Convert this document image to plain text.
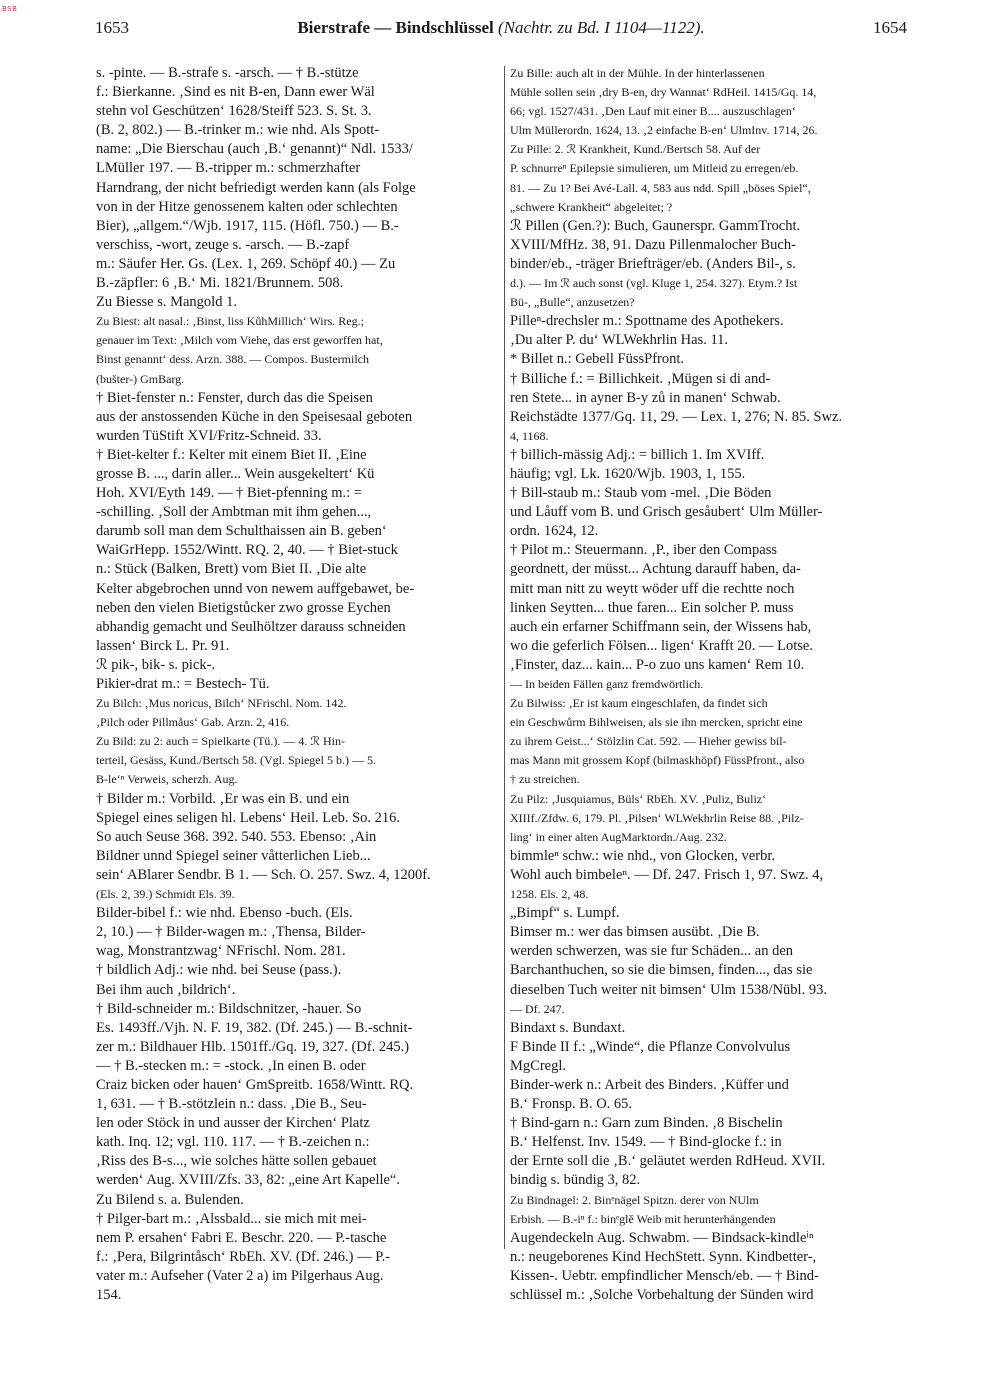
BSB
1653	Bierstrafe — Bindschlüssel (Nachtr. zu Bd. I 1104—1122).	1654
s. -pinte. — B.-strafe s. -arsch. — † B.-stütze
f.: Bierkanne. ‚Sind es nit B-en, Dann ewer Wäl
stehn vol Geschützen‘ 1628/Steiff 523. S. St. 3.
(B. 2, 802.) — B.-trinker m.: wie nhd. Als Spott-
name: „Die Bierschau (auch ‚B.‘ genannt)“ Ndl. 1533/
LMüller 197. — B.-tripper m.: schmerzhafter
Harndrang, der nicht befriedigt werden kann (als Folge
von in der Hitze genossenem kalten oder schlechten
Bier), „allgem.“/Wjb. 1917, 115. (Höfl. 750.) — B.-
verschiss, -wort, zeuge s. -arsch. — B.-zapf
m.: Säufer Her. Gs. (Lex. 1, 269. Schöpf 40.) — Zu
B.-zäpfler: 6 ‚B.‘ Mi. 1821/Brunnem. 508.
Zu Biesse s. Mangold 1.
Zu Biest: alt nasal.: ‚Binst, liss KůhMillich‘ Wirs. Reg.;
genauer im Text: ‚Milch vom Viehe, das erst geworffen hat,
Binst genannt‘ dess. Arzn. 388. — Compos. Bustermilch
(bušter-) GmBarg.
† Biet-fenster n.: Fenster, durch das die Speisen
aus der anstossenden Küche in den Speisesaal geboten
wurden TüStift XVI/Fritz-Schneid. 33.
† Biet-kelter f.: Kelter mit einem Biet II. ‚Eine
grosse B. ..., darin aller... Wein ausgekeltert‘ Kü
Hoh. XVI/Eyth 149. — † Biet-pfenning m.: =
-schilling. ‚Soll der Ambtman mit ihm gehen...,
darumb soll man dem Schulthaissen ain B. geben‘
WaiGrHepp. 1552/Wintt. RQ. 2, 40. — † Biet-stuck
n.: Stück (Balken, Brett) vom Biet II. ‚Die alte
Kelter abgebrochen unnd von newem auffgebawet, be-
neben den vielen Bietigstůcker zwo grosse Eychen
abhandig gemacht und Seulhöltzer darauss schneiden
lassen‘ Birck L. Pr. 91.
ℛ pik-, bik- s. pick-.
Pikier-drat m.: = Bestech- Tü.
Zu Bilch: ‚Mus noricus, Bilch‘ NFrischl. Nom. 142.
‚Pilch oder Pillmåus‘ Gab. Arzn. 2, 416.
Zu Bild: zu 2: auch = Spielkarte (Tü.). — 4. ℛ Hin-
terteil, Gesäss, Kund./Bertsch 58. (Vgl. Spiegel 5 b.) — 5.
B-le‘ⁿ Verweis, scherzh. Aug.
† Bilder m.: Vorbild. ‚Er was ein B. und ein
Spiegel eines seligen hl. Lebens‘ Heil. Leb. So. 216.
So auch Seuse 368. 392. 540. 553. Ebenso: ‚Ain
Bildner unnd Spiegel seiner våtterlichen Lieb...
sein‘ ABlarer Sendbr. B 1. — Sch. O. 257. Swz. 4, 1200f.
(Els. 2, 39.) Schmidt Els. 39.
Bilder-bibel f.: wie nhd. Ebenso -buch. (Els.
2, 10.) — † Bilder-wagen m.: ‚Thensa, Bilder-
wag, Monstrantzwag‘ NFrischl. Nom. 281.
† bildlich Adj.: wie nhd. bei Seuse (pass.).
Bei ihm auch ‚bildrich‘.
† Bild-schneider m.: Bildschnitzer, -hauer. So
Es. 1493ff./Vjh. N. F. 19, 382. (Df. 245.) — B.-schnit-
zer m.: Bildhauer Hlb. 1501ff./Gq. 19, 327. (Df. 245.)
— † B.-stecken m.: = -stock. ‚In einen B. oder
Craiz bicken oder hauen‘ GmSpreitb. 1658/Wintt. RQ.
1, 631. — † B.-stötzlein n.: dass. ‚Die B., Seu-
len oder Stöck in und ausser der Kirchen‘ Platz
kath. Inq. 12; vgl. 110. 117. — † B.-zeichen n.:
‚Riss des B-s..., wie solches hätte sollen gebauet
werden‘ Aug. XVIII/Zfs. 33, 82: „eine Art Kapelle“.
Zu Bilend s. a. Bulenden.
† Pilger-bart m.: ‚Alssbald... sie mich mit mei-
nem P. ersahen‘ Fabri E. Beschr. 220. — P.-tasche
f.: ‚Pera, Bilgrintåsch‘ RbEh. XV. (Df. 246.) — P.-
vater m.: Aufseher (Vater 2 a) im Pilgerhaus Aug.
154.
Zu Bille: auch alt in der Mühle. In der hinterlassenen
Mühle sollen sein ‚dry B-en, dry Wannat‘ RdHeil. 1415/Gq. 14,
66; vgl. 1527/431. ‚Den Lauf mit einer B.... auszuschlagen‘
Ulm Müllerordn. 1624, 13. ‚2 einfache B-en‘ UlmInv. 1714, 26.
Zu Pille: 2. ℛ Krankheit, Kund./Bertsch 58. Auf der
P. schnurreⁿ Epilepsie simulieren, um Mitleid zu erregen/eb.
81. — Zu 1? Bei Avé-Lall. 4, 583 aus ndd. Spill „böses Spiel“,
„schwere Krankheit“ abgeleitet; ?
ℛ Pillen (Gen.?): Buch, Gaunerspr. GammTrocht.
XVIII/MfHz. 38, 91. Dazu Pillenmalocher Buch-
binder/eb., -träger Briefträger/eb. (Anders Bil-, s.
d.). — Im ℛ auch sonst (vgl. Kluge 1, 254. 327). Etym.? Ist
Bü-, „Bulle“, anzusetzen?
Pilleⁿ-drechsler m.: Spottname des Apothekers.
‚Du alter P. du‘ WLWekhrlin Has. 11.
* Billet n.: Gebell FüssPfront.
† Billiche f.: = Billichkeit. ‚Mügen si di and-
ren Stete... in ayner B-y zů in manen‘ Schwab.
Reichstädte 1377/Gq. 11, 29. — Lex. 1, 276; N. 85. Swz.
4, 1168.
† billich-mässig Adj.: = billich 1. Im XVIff.
häufig; vgl. Lk. 1620/Wjb. 1903, 1, 155.
† Bill-staub m.: Staub vom -mel. ‚Die Böden
und Låuff vom B. und Grisch gesåubert‘ Ulm Müller-
ordn. 1624, 12.
† Pilot m.: Steuermann. ‚P., iber den Compass
geordnett, der müsst... Achtung darauff haben, da-
mitt man nitt zu weytt wöder uff die rechtte noch
linken Seytten... thue faren... Ein solcher P. muss
auch ein erfarner Schiffmann sein, der Wissens hab,
wo die geferlich Fölsen... ligen‘ Krafft 20. — Lotse.
‚Finster, daz... kain... P-o zuo uns kamen‘ Rem 10.
— In beiden Fällen ganz fremdwörtlich.
Zu Bilwiss: ‚Er ist kaum eingeschlafen, da findet sich
ein Geschwůrm Bihlweisen, als sie ihn mercken, spricht eine
zu ihrem Geist...‘ Stölzlin Cat. 592. — Hieher gewiss bil-
mas Mann mit grossem Kopf (bilmaskhöpf) FüssPfront., also
† zu streichen.
Zu Pilz: ‚Jusquiamus, Büls‘ RbEh. XV. ‚Puliz, Buliz‘
XIIIf./Zfdw. 6, 179. Pl. ‚Pilsen‘ WLWekhrlin Reise 88. ‚Pilz-
ling‘ in einer alten AugMarktordn./Aug. 232.
bimmleⁿ schw.: wie nhd., von Glocken, verbr.
Wohl auch bimbeleⁿ. — Df. 247. Frisch 1, 97. Swz. 4,
1258. Els. 2, 48.
„Bimpf“ s. Lumpf.
Bimser m.: wer das bimsen ausübt. ‚Die B.
werden schwerzen, was sie fur Schäden... an den
Barchanthuchen, so sie die bimsen, finden..., das sie
dieselben Tuch weiter nit bimsen‘ Ulm 1538/Nübl. 93.
— Df. 247.
Bindaxt s. Bundaxt.
F Binde II f.: „Winde“, die Pflanze Convolvulus
MgCregl.
Binder-werk n.: Arbeit des Binders. ‚Küffer und
B.‘ Fronsp. B. O. 65.
† Bind-garn n.: Garn zum Binden. ‚8 Bischelin
B.‘ Helfenst. Inv. 1549. — † Bind-glocke f.: in
der Ernte soll die ‚B.‘ geläutet werden RdHeud. XVII.
bindig s. bündig 3, 82.
Zu Bindnagel: 2. Binᵉnägel Spitzn. derer von NUlm
Erbish. — B.-iⁿ f.: binᵉglĕ Weib mit herunterhängenden
Augendeckeln Aug. Schwabm. — Bindsack-kindleⁱⁿ
n.: neugeborenes Kind HechStett. Synn. Kindbetter-,
Kissen-. Uebtr. empfindlicher Mensch/eb. — † Bind-
schlüssel m.: ‚Solche Vorbehaltung der Sünden wird
